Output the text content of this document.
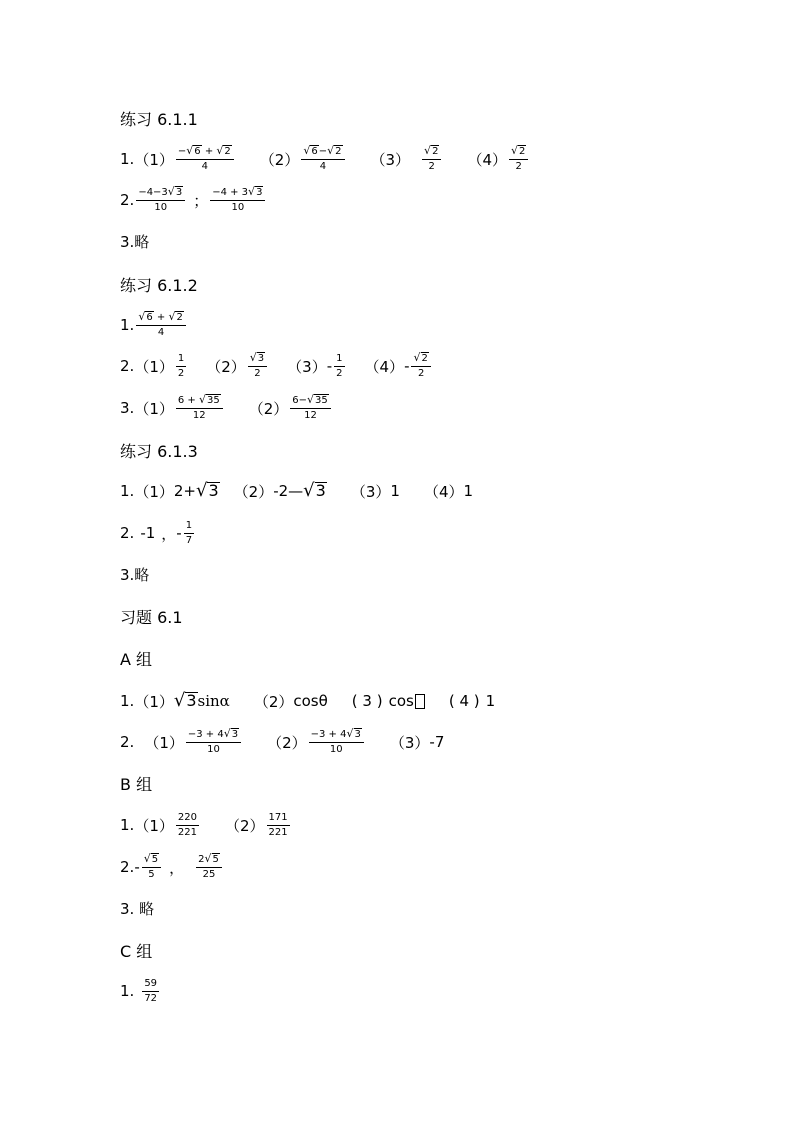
练习 6.1.1
1. $(1) \frac{- √ 6 + √ 2}{4} (2) \frac{√ 6 - √ 2}{4} (3) \frac{√ 2}{2} (4) \frac{√ 2}{2}$
2. $\frac{-4-3 √ 3}{10}$ ； $\frac{-4 + 3 √ 3}{10}$
3.略
练习 6.1.2
1. $\frac{√ 6 + √ 2}{4}$
2. $(1) \frac{1}{2} (2) \frac{√ 3}{2} (3) - \frac{1}{2} (4) - \frac{√ 2}{2}$
3. $(1) \frac{6 + √ 35}{12} (2) \frac{6- √ 35}{12}$
练习 6.1.3
1. （1） 2+ √ 3 （2） -2— √ 3 （3） 1 （4） 1
2. -1 ， - $\frac{1}{7}$
3.略
习题 6.1
A 组
1. （1） √ 3 sinα （2） cosθ ( 3 ) cos ( 4 ) 1
2. $(1) \frac{-3 + 4 √ 3}{10} (2) \frac{-3 + 4 √ 3}{10} (3)$ -7
B 组
1. $(1) \frac{220}{221} (2) \frac{171}{221}$
2. - $\frac{√ 5}{5}$ ， $\frac{2 √ 5}{25}$
3. 略
C 组
1. $\frac{59}{72}$
